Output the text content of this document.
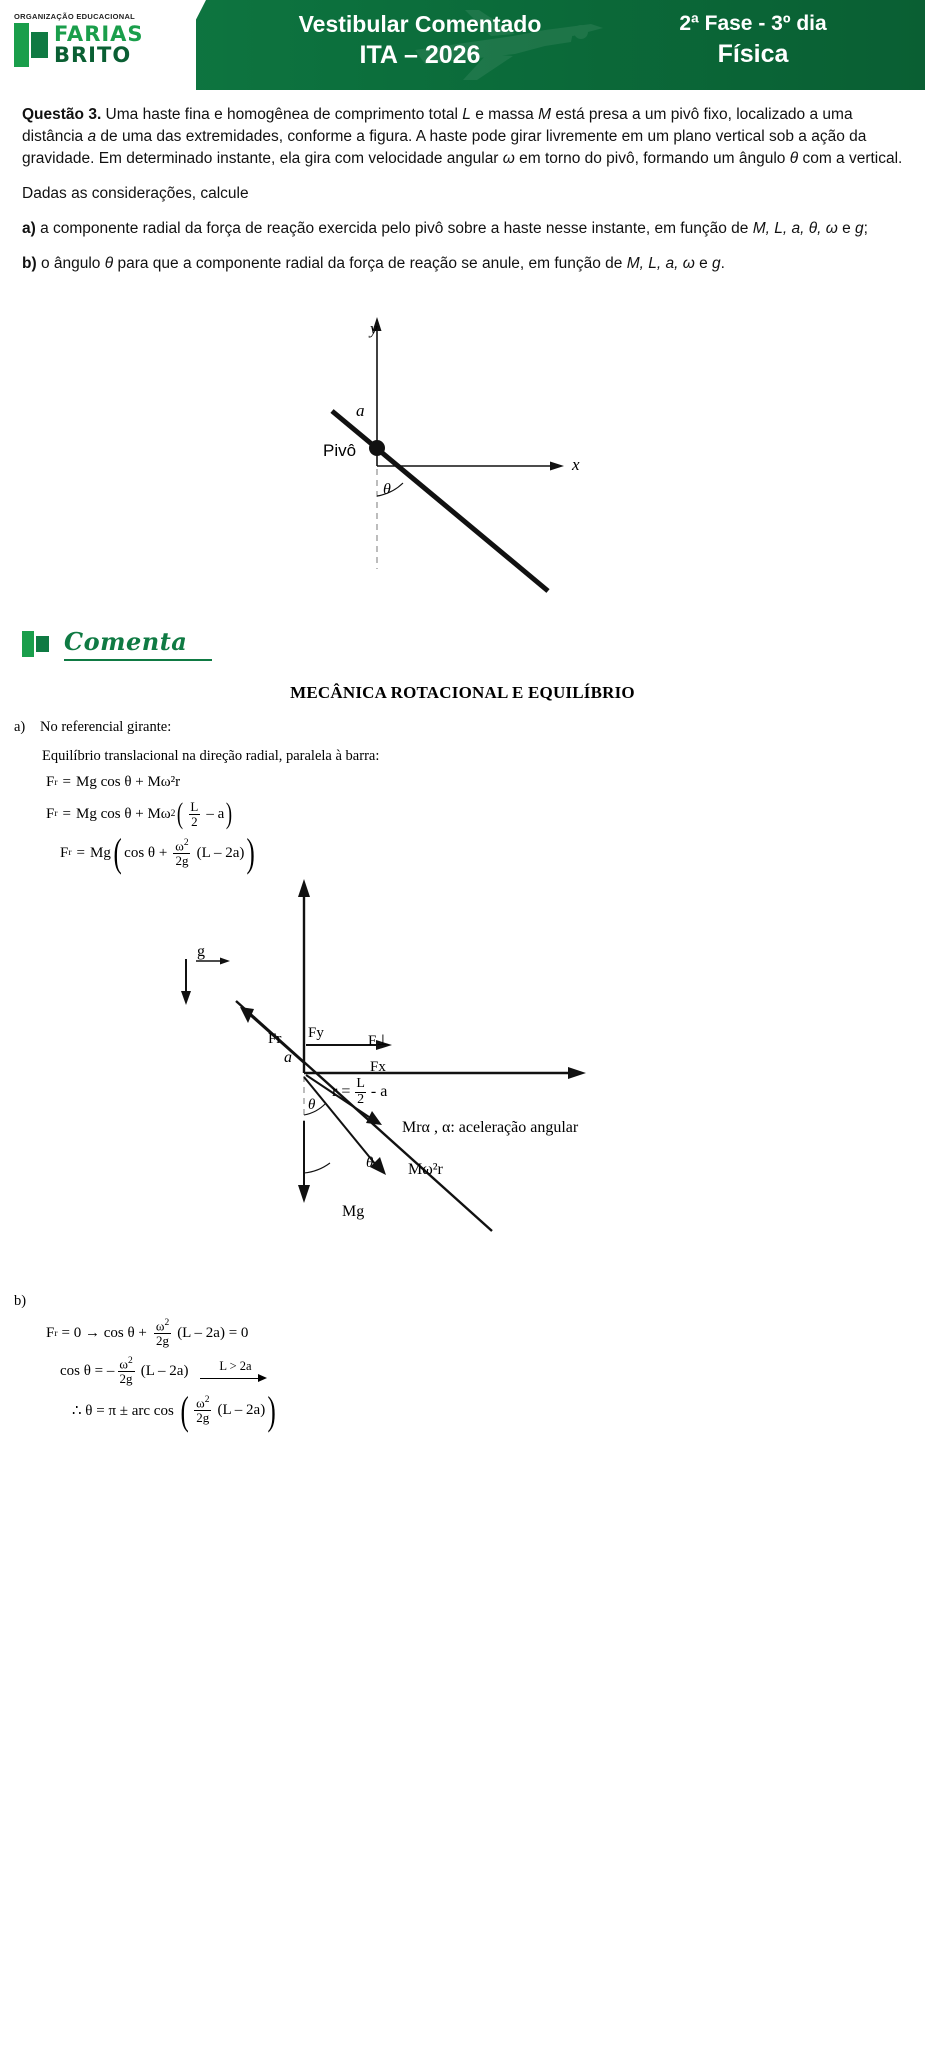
ORGANIZAÇÃO EDUCACIONAL
FARIAS
BRITO
Vestibular Comentado
ITA – 2026
2ª Fase - 3º dia
Física
Questão 3. Uma haste fina e homogênea de comprimento total L e massa M está presa a um pivô fixo, localizado a uma distância a de uma das extremidades, conforme a figura. A haste pode girar livremente em um plano vertical sob a ação da gravidade. Em determinado instante, ela gira com velocidade angular ω em torno do pivô, formando um ângulo θ com a vertical.
Dadas as considerações, calcule
a) a componente radial da força de reação exercida pelo pivô sobre a haste nesse instante, em função de M, L, a, θ, ω e g;
b) o ângulo θ para que a componente radial da força de reação se anule, em função de M, L, a, ω e g.
a
y
x
Pivô
θ
Comenta
MECÂNICA ROTACIONAL E EQUILÍBRIO
a) No referencial girante:
Equilíbrio translacional na direção radial, paralela à barra:
F r = Mg cos θ + Mω²r
F r = Mg cos θ + Mω 2 ( $\frac{L}{2}$ – a )
F r = Mg ( $\cos \theta + \frac{\omega^2}{2g} (L - 2a)$ )
g
Fr Fy	F⊥
Fx
a
θ
θ
$r = \frac{L}{2} - a$
Mrα , α: aceleração angular
Mω²r
Mg
b)
F $r = 0 \to \cos \theta + \frac{\omega^2}{2g} (L - 2a) = 0$
cos θ = – $\frac{\omega^2}{2g} (L - 2a) L > 2a$
∴ θ = π ± arc cos ( $\frac{\omega^2}{2g} (L - 2a)$ )
